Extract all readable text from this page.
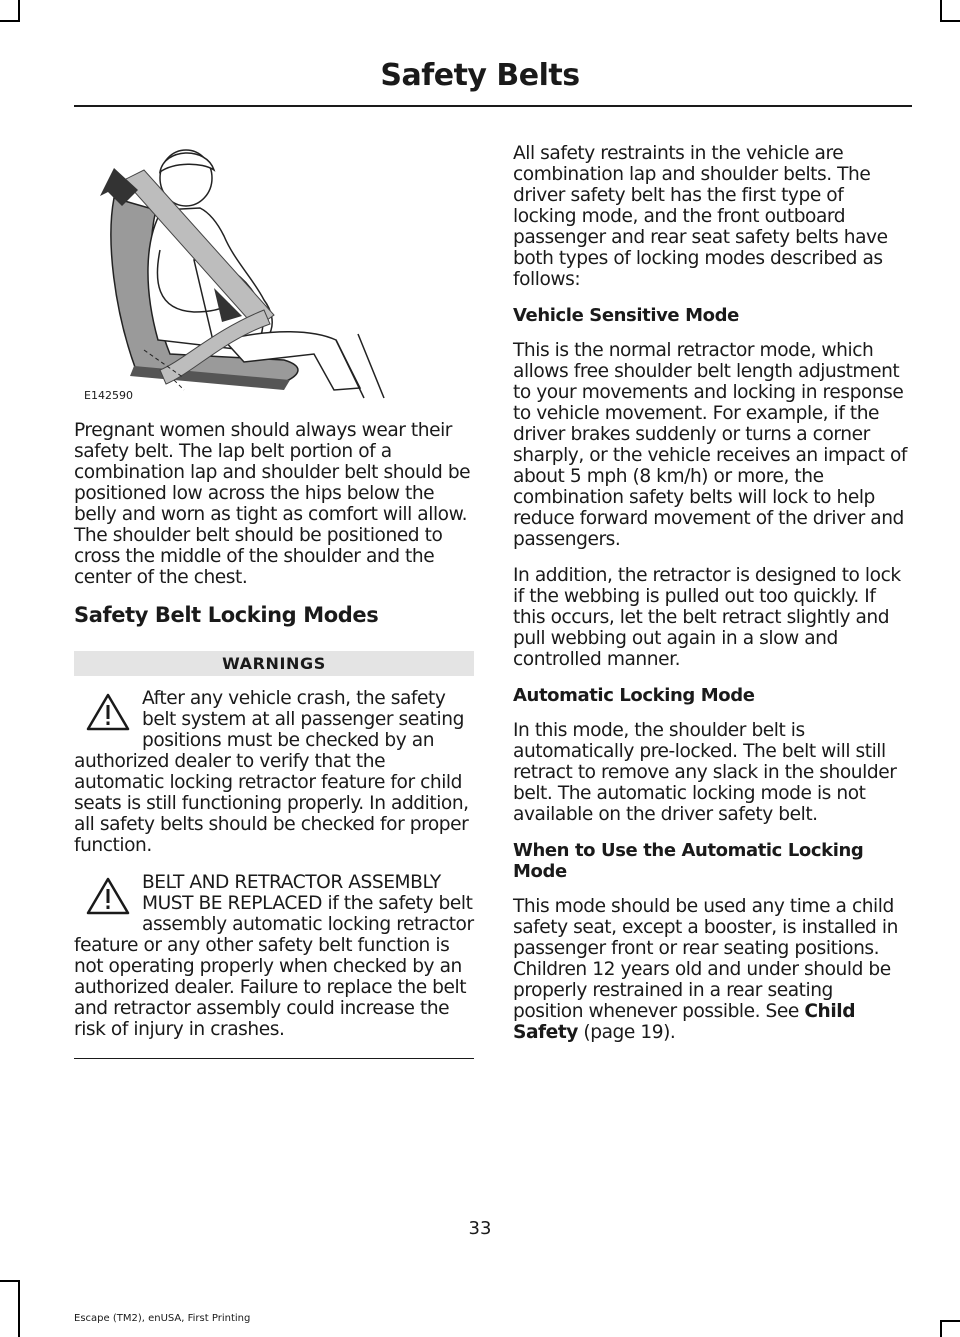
Safety Belts
E142590

Pregnant women should always wear their safety belt. The lap belt portion of a combination lap and shoulder belt should be positioned low across the hips below the belly and worn as tight as comfort will allow. The shoulder belt should be positioned to cross the middle of the shoulder and the center of the chest.

Safety Belt Locking Modes
WARNINGS

After any vehicle crash, the safety belt system at all passenger seating positions must be checked by an authorized dealer to verify that the automatic locking retractor feature for child seats is still functioning properly. In addition, all safety belts should be checked for proper function.

BELT AND RETRACTOR ASSEMBLY MUST BE REPLACED if the safety belt assembly automatic locking retractor feature or any other safety belt function is not operating properly when checked by an authorized dealer. Failure to replace the belt and retractor assembly could increase the risk of injury in crashes.

All safety restraints in the vehicle are combination lap and shoulder belts. The driver safety belt has the first type of locking mode, and the front outboard passenger and rear seat safety belts have both types of locking modes described as follows:

Vehicle Sensitive Mode

This is the normal retractor mode, which allows free shoulder belt length adjustment to your movements and locking in response to vehicle movement. For example, if the driver brakes suddenly or turns a corner sharply, or the vehicle receives an impact of about 5 mph (8 km/h) or more, the combination safety belts will lock to help reduce forward movement of the driver and passengers.

In addition, the retractor is designed to lock if the webbing is pulled out too quickly. If this occurs, let the belt retract slightly and pull webbing out again in a slow and controlled manner.

Automatic Locking Mode

In this mode, the shoulder belt is automatically pre-locked. The belt will still retract to remove any slack in the shoulder belt. The automatic locking mode is not available on the driver safety belt.

When to Use the Automatic Locking Mode

This mode should be used any time a child safety seat, except a booster, is installed in passenger front or rear seating positions. Children 12 years old and under should be properly restrained in a rear seating position whenever possible. See Child Safety (page 19).

33
Escape (TM2), enUSA, First Printing
